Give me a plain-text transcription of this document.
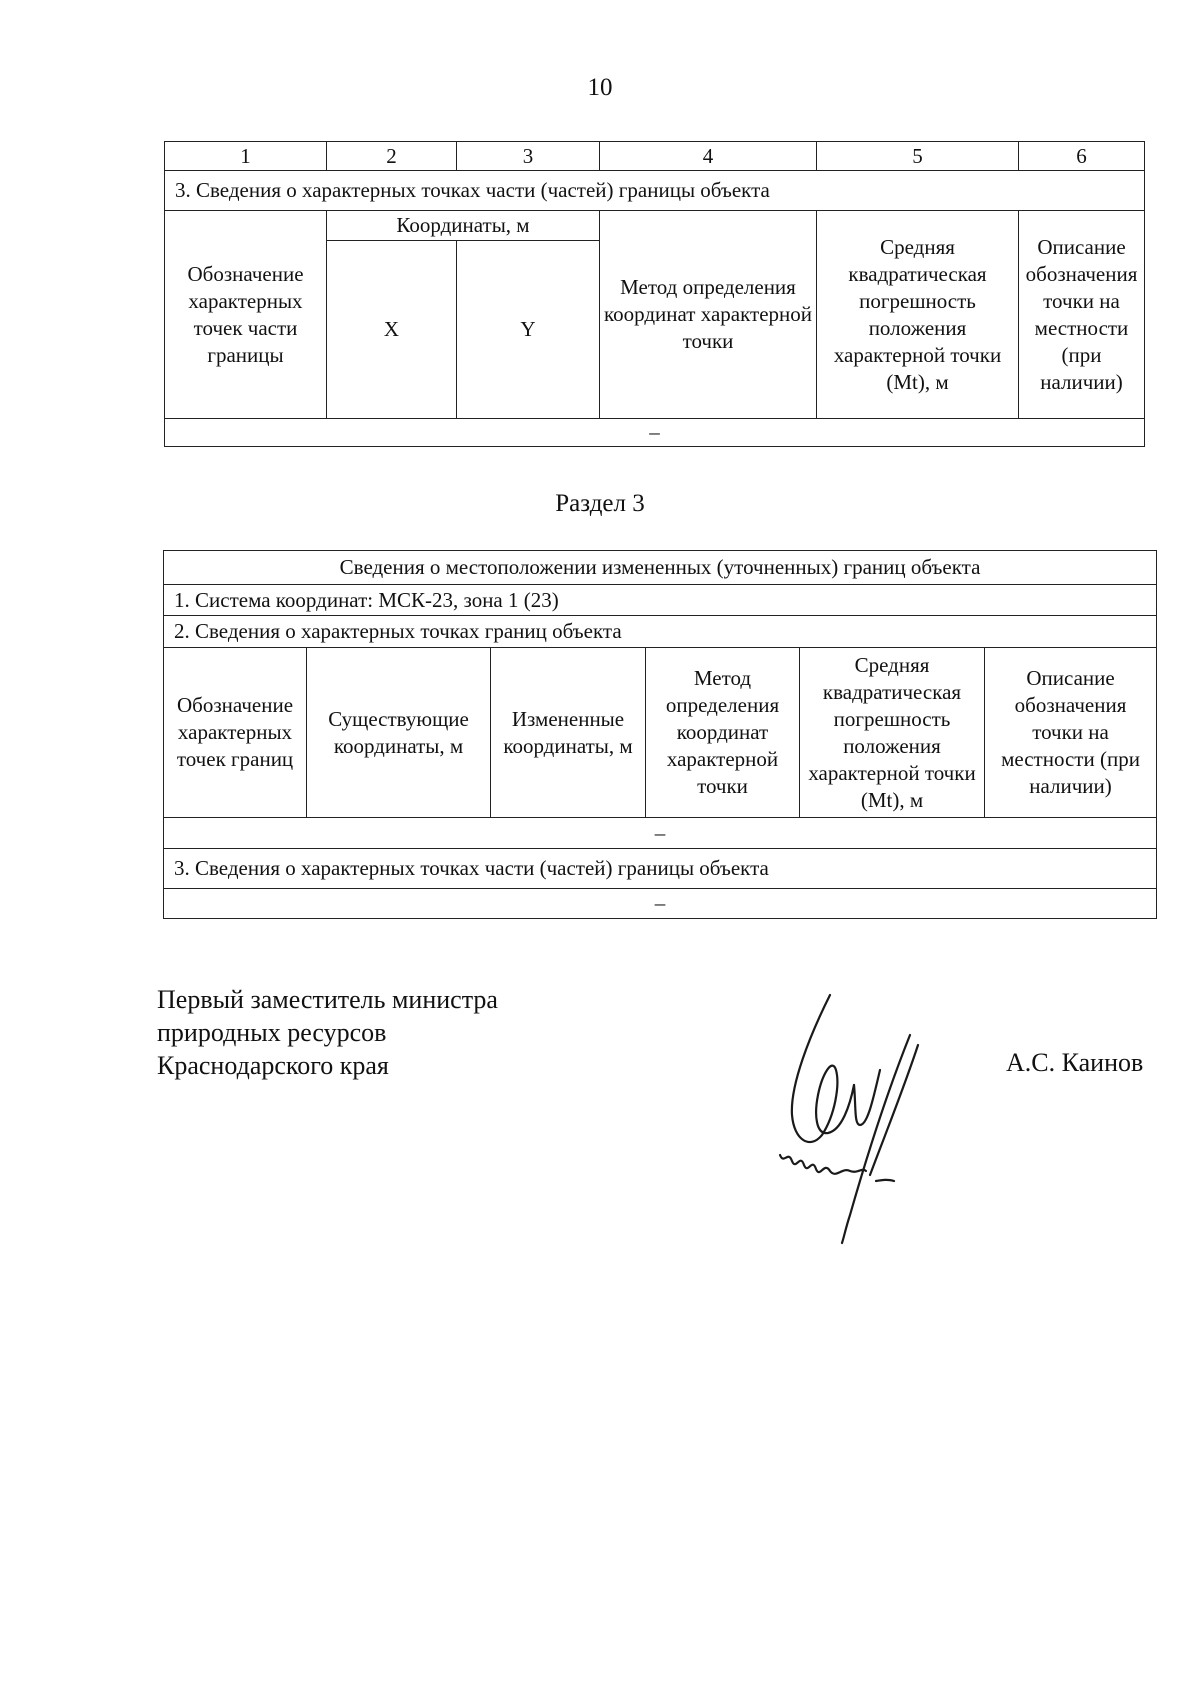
10
1	2	3	4	5	6
3. Сведения о характерных точках части (частей) границы объекта					
Обозначение характерных точек части границы	Координаты, м		Метод определения координат характерной точки	Средняя квадратическая погрешность положения характерной точки (Mt), м	Описание обозначения точки на местности (при наличии)
	X	Y			
–					
Раздел 3
Сведения о местоположении измененных (уточненных) границ объекта
1. Система координат: МСК-23, зона 1 (23)
2. Сведения о характерных точках границ объекта
Обозначение характерных точек границ	Существующие координаты, м	Измененные координаты, м	Метод определения координат характерной точки	Средняя квадратическая погрешность положения характерной точки (Mt), м	Описание обозначения точки на местности (при наличии)
–
3. Сведения о характерных точках части (частей) границы объекта
–
Первый заместитель министра
природных ресурсов
Краснодарского края	А.С. Каинов
